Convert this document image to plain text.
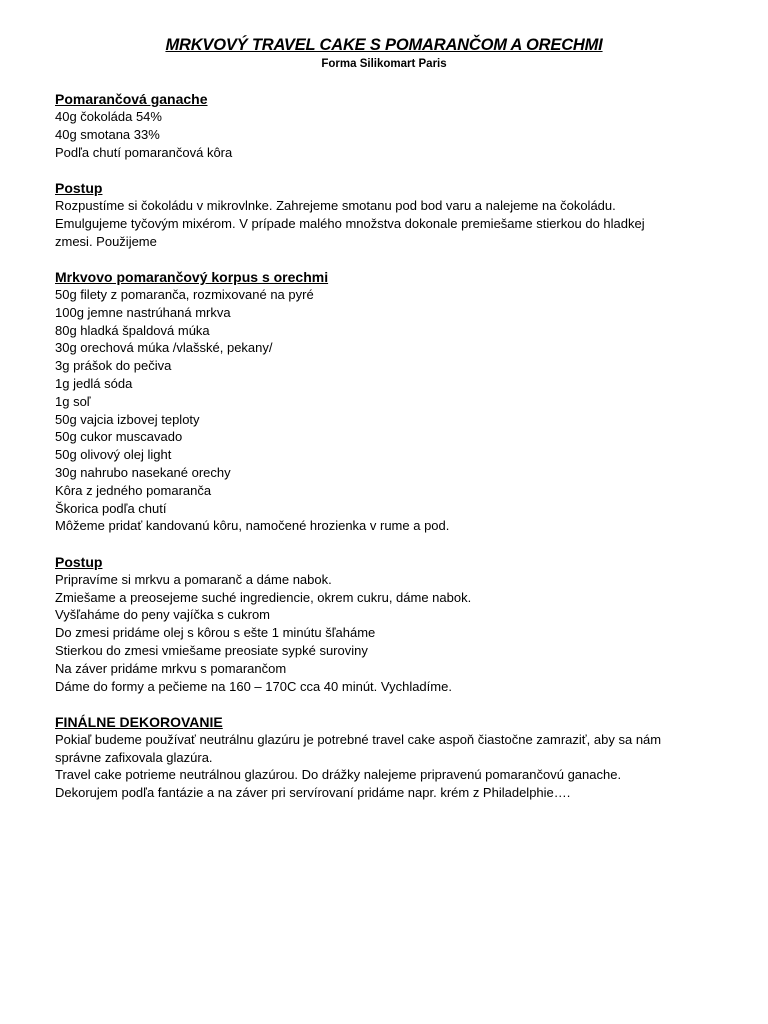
MRKVOVÝ TRAVEL CAKE S POMARANČOM A ORECHMI
Forma Silikomart Paris
Pomarančová ganache
40g čokoláda 54%
40g smotana 33%
Podľa chutí pomarančová kôra
Postup
Rozpustíme si čokoládu v mikrovlnke. Zahrejeme smotanu pod bod varu a nalejeme na čokoládu.
Emulgujeme tyčovým mixérom. V prípade malého množstva dokonale premiešame stierkou do hladkej
zmesi. Použijeme
Mrkvovo pomarančový korpus s orechmi
50g filety z pomaranča, rozmixované na pyré
100g jemne nastrúhaná mrkva
80g hladká špaldová múka
30g orechová múka /vlašské, pekany/
3g prášok do pečiva
1g jedlá sóda
1g soľ
50g vajcia izbovej teploty
50g cukor muscavado
50g olivový olej light
30g nahrubo nasekané orechy
Kôra z jedného pomaranča
Škorica podľa chutí
Môžeme pridať kandovanú kôru, namočené hrozienka v rume a pod.
Postup
Pripravíme si mrkvu a pomaranč a dáme nabok.
Zmiešame a preosejeme suché ingrediencie, okrem cukru, dáme nabok.
Vyšľaháme do peny vajíčka s cukrom
Do zmesi pridáme olej s kôrou s ešte 1 minútu šľaháme
Stierkou do zmesi vmiešame preosiate sypké suroviny
Na záver pridáme mrkvu s pomarančom
Dáme do formy a pečieme na 160 – 170C cca 40 minút. Vychladíme.
FINÁLNE DEKOROVANIE
Pokiaľ budeme používať neutrálnu glazúru je potrebné travel cake aspoň čiastočne zamraziť, aby sa nám
správne zafixovala glazúra.
Travel cake potrieme neutrálnou glazúrou. Do drážky nalejeme pripravenú pomarančovú ganache.
Dekorujem podľa fantázie a na záver pri servírovaní pridáme napr. krém z Philadelphie….
